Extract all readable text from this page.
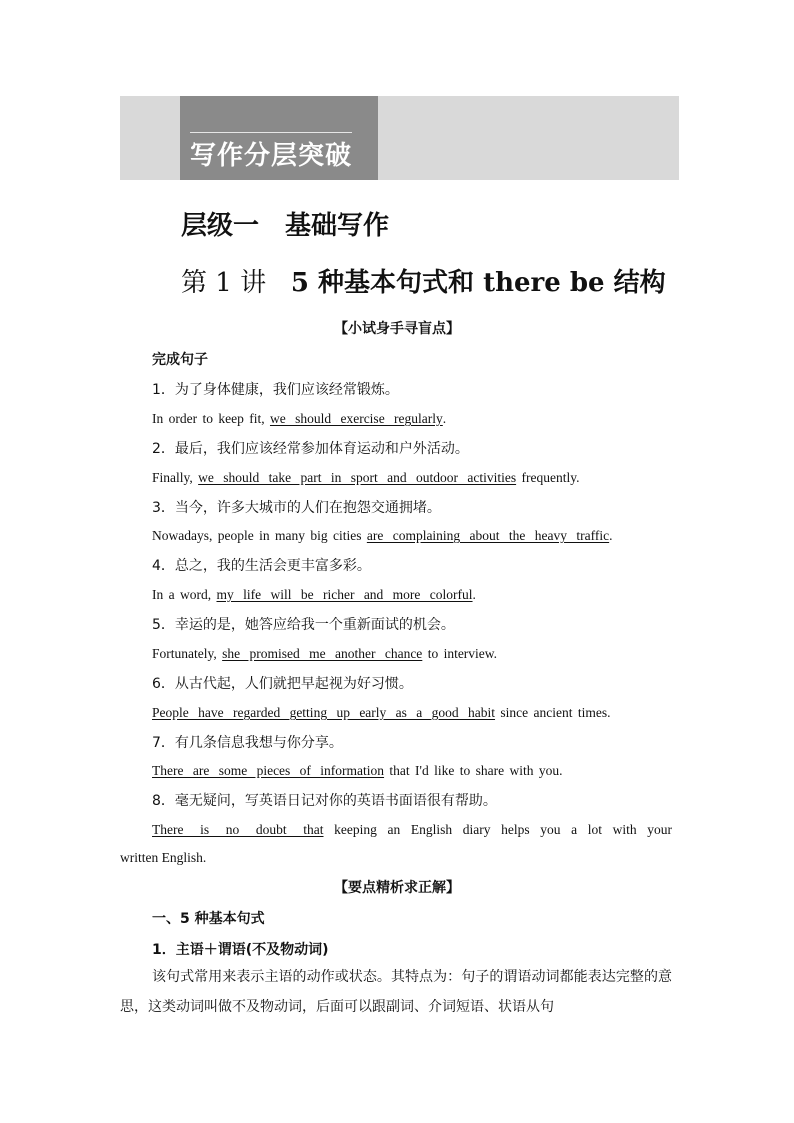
写作分层突破
层级一　基础写作
第 1 讲 5 种基本句式和 there be 结构
【小试身手寻盲点】
完成句子
1．为了身体健康，我们应该经常锻炼。
In order to keep fit, we should exercise regularly.
2．最后，我们应该经常参加体育运动和户外活动。
Finally, we should take part in sport and outdoor activities frequently.
3．当今，许多大城市的人们在抱怨交通拥堵。
Nowadays, people in many big cities are complaining about the heavy traffic.
4．总之，我的生活会更丰富多彩。
In a word, my life will be richer and more colorful.
5．幸运的是，她答应给我一个重新面试的机会。
Fortunately, she promised me another chance to interview.
6．从古代起，人们就把早起视为好习惯。
People have regarded getting up early as a good habit since ancient times.
7．有几条信息我想与你分享。
There are some pieces of information that I'd like to share with you.
8．毫无疑问，写英语日记对你的英语书面语很有帮助。
There is no doubt that keeping an English diary helps you a lot with your
written English.
【要点精析求正解】
一、5 种基本句式
1．主语＋谓语(不及物动词)
该句式常用来表示主语的动作或状态。其特点为：句子的谓语动词都能表达完整的意思，这类动词叫做不及物动词，后面可以跟副词、介词短语、状语从句
